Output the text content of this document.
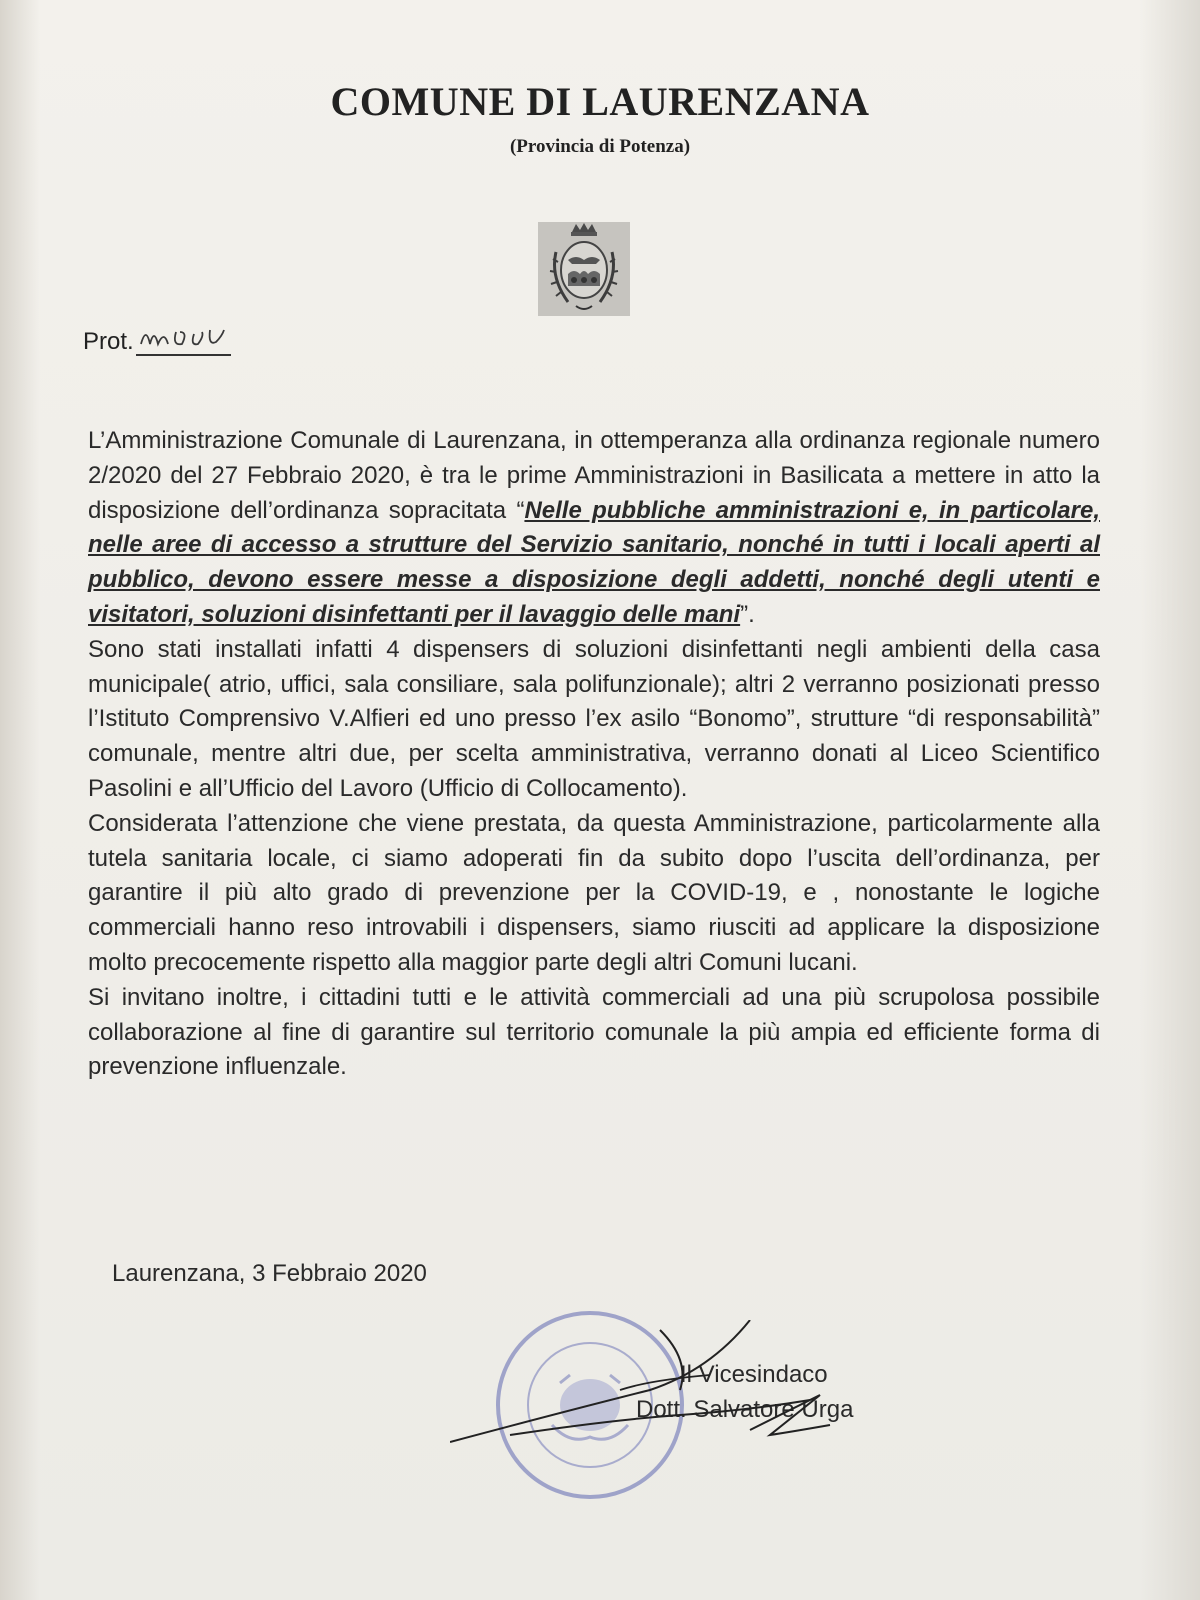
COMUNE DI LAURENZANA
(Provincia di Potenza)
Prot.

L’Amministrazione Comunale di Laurenzana, in ottemperanza alla ordinanza regionale numero 2/2020 del 27 Febbraio 2020, è tra le prime Amministrazioni in Basilicata a mettere in atto la disposizione dell’ordinanza sopracitata “Nelle pubbliche amministrazioni e, in particolare, nelle aree di accesso a strutture del Servizio sanitario, nonché in tutti i locali aperti al pubblico, devono essere messe a disposizione degli addetti, nonché degli utenti e visitatori, soluzioni disinfettanti per il lavaggio delle mani”.

Sono stati installati infatti 4 dispensers di soluzioni disinfettanti negli ambienti della casa municipale( atrio, uffici, sala consiliare, sala polifunzionale); altri 2 verranno posizionati presso l’Istituto Comprensivo V.Alfieri ed uno presso l’ex asilo “Bonomo”, strutture “di responsabilità” comunale, mentre altri due, per scelta amministrativa, verranno donati al Liceo Scientifico Pasolini e all’Ufficio del Lavoro (Ufficio di Collocamento).

Considerata l’attenzione che viene prestata, da questa Amministrazione, particolarmente alla tutela sanitaria locale, ci siamo adoperati fin da subito dopo l’uscita dell’ordinanza, per garantire il più alto grado di prevenzione per la COVID-19, e , nonostante le logiche commerciali hanno reso introvabili i dispensers, siamo riusciti ad applicare la disposizione molto precocemente rispetto alla maggior parte degli altri Comuni lucani.

Si invitano inoltre, i cittadini tutti e le attività commerciali ad una più scrupolosa possibile collaborazione al fine di garantire sul territorio comunale la più ampia ed efficiente forma di prevenzione influenzale.

Laurenzana, 3 Febbraio 2020
Il Vicesindaco
Dott. Salvatore Urga
